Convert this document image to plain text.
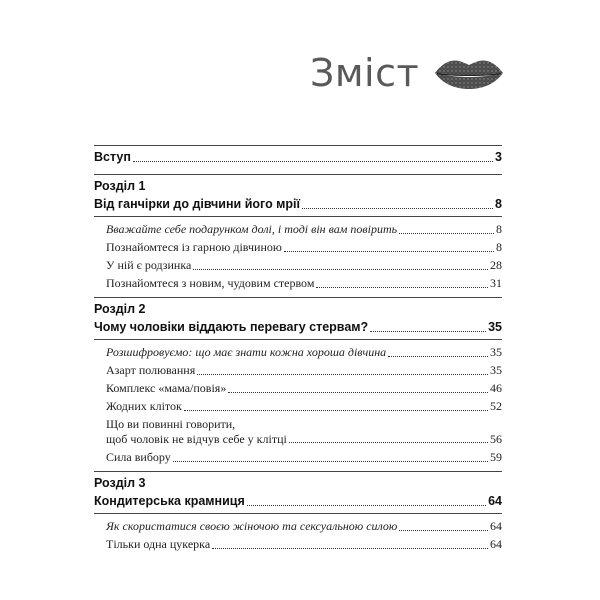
Зміст
Вступ	3
Розділ 1
Від ганчірки до дівчини його мрії	8
Вважайте себе подарунком долі, і тоді він вам повірить	8
Познайомтеся із гарною дівчиною	8
У ній є родзинка	28
Познайомтеся з новим, чудовим стервом	31
Розділ 2
Чому чоловіки віддають перевагу стервам?	35
Розшифровуємо: що має знати кожна хороша дівчина	35
Азарт полювання	35
Комплекс «мама/повія»	46
Жодних кліток	52
Що ви повинні говорити,
щоб чоловік не відчув себе у клітці	56
Сила вибору	59
Розділ 3
Кондитерська крамниця	64
Як скористатися своєю жіночою та сексуальною силою	64
Тільки одна цукерка	64
